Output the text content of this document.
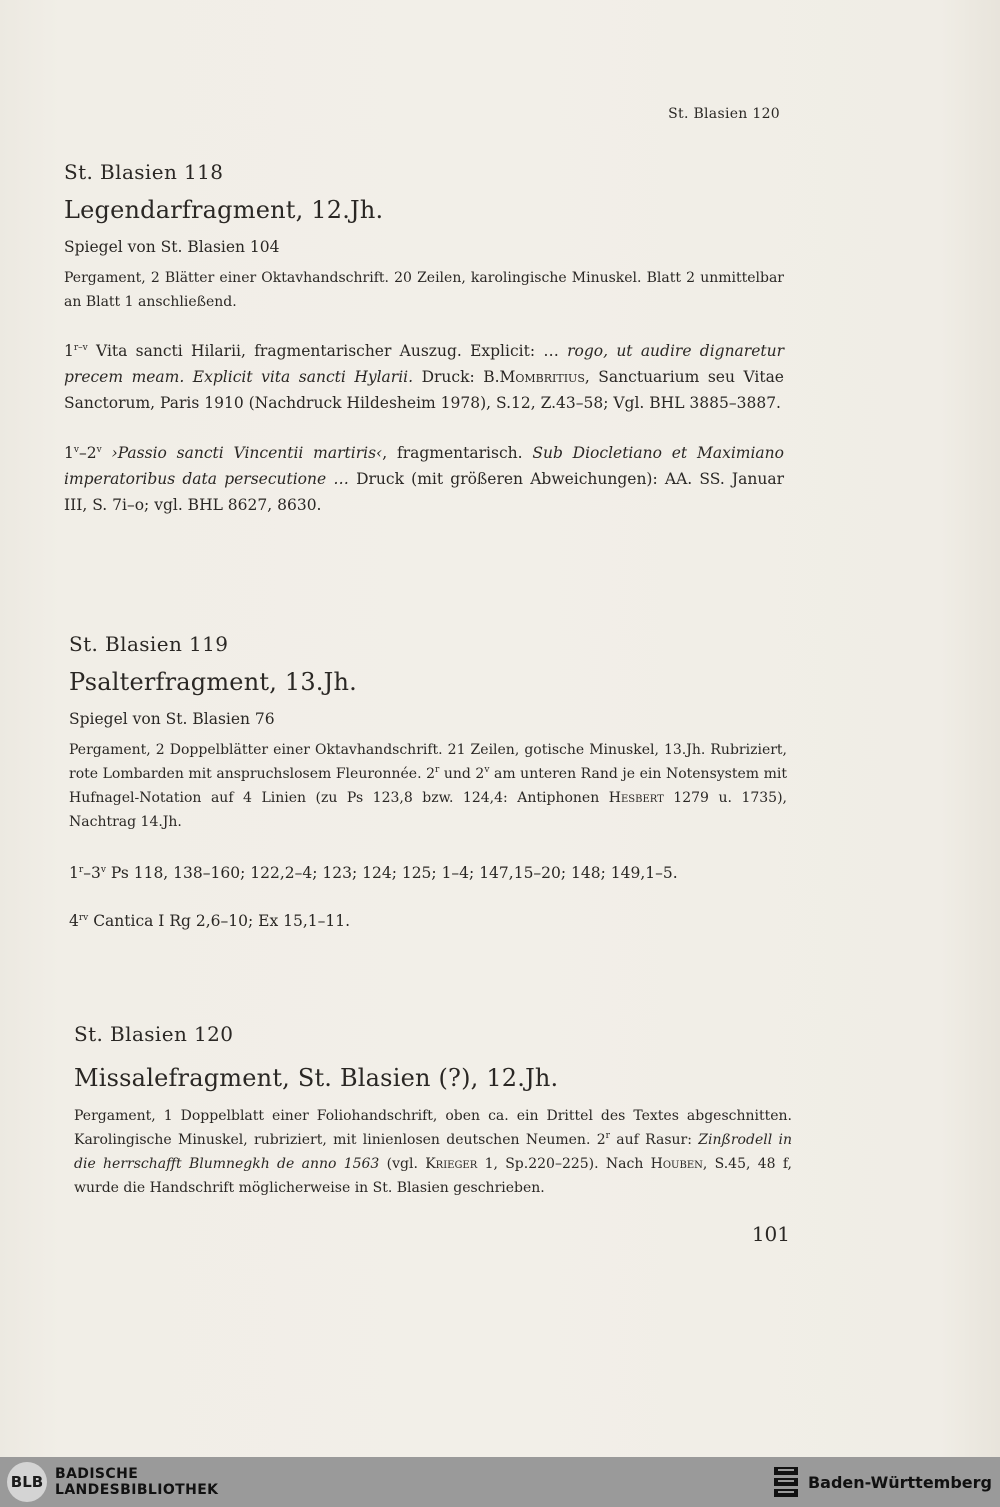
St. Blasien 120
St. Blasien 118
Legendarfragment, 12.Jh.
Spiegel von St. Blasien 104
Pergament, 2 Blätter einer Oktavhandschrift. 20 Zeilen, karolingische Minuskel. Blatt 2 unmittelbar an Blatt 1 anschließend.
1$^{r-v}$ Vita sancti Hilarii, fragmentarischer Auszug. Explicit: … rogo, ut audire dignaretur precem meam. Explicit vita sancti Hylarii. Druck: B.Mombritius, Sanctuarium seu Vitae Sanctorum, Paris 1910 (Nachdruck Hildesheim 1978), S.12, Z.43–58; Vgl. BHL 3885–3887.
1$^v$–2$^v$ ›Passio sancti Vincentii martiris‹, fragmentarisch. Sub Diocletiano et Maximiano imperatoribus data persecutione … Druck (mit größeren Abweichungen): AA. SS. Januar III, S. 7i–o; vgl. BHL 8627, 8630.
St. Blasien 119
Psalterfragment, 13.Jh.
Spiegel von St. Blasien 76
Pergament, 2 Doppelblätter einer Oktavhandschrift. 21 Zeilen, gotische Minuskel, 13.Jh. Rubriziert, rote Lombarden mit anspruchslosem Fleuronnée. 2$^r$ und 2$^v$ am unteren Rand je ein Notensystem mit Hufnagel-Notation auf 4 Linien (zu Ps 123,8 bzw. 124,4: Antiphonen Hesbert 1279 u. 1735), Nachtrag 14.Jh.
1$^r$–3$^v$ Ps 118, 138–160; 122,2–4; 123; 124; 125; 1–4; 147,15–20; 148; 149,1–5.
$4^{rv}$ Cantica I Rg 2,6–10; Ex 15,1–11.
St. Blasien 120
Missalefragment, St. Blasien (?), 12.Jh.
Pergament, 1 Doppelblatt einer Foliohandschrift, oben ca. ein Drittel des Textes abgeschnitten. Karolingische Minuskel, rubriziert, mit linienlosen deutschen Neumen. 2$^r$ auf Rasur: Zinßrodell in die herrschafft Blumnegkh de anno 1563 (vgl. Krieger 1, Sp.220–225). Nach Houben, S.45, 48 f, wurde die Handschrift möglicherweise in St. Blasien geschrieben.
101
BLB BADISCHE
LANDESBIBLIOTHEK	Baden-Württemberg
